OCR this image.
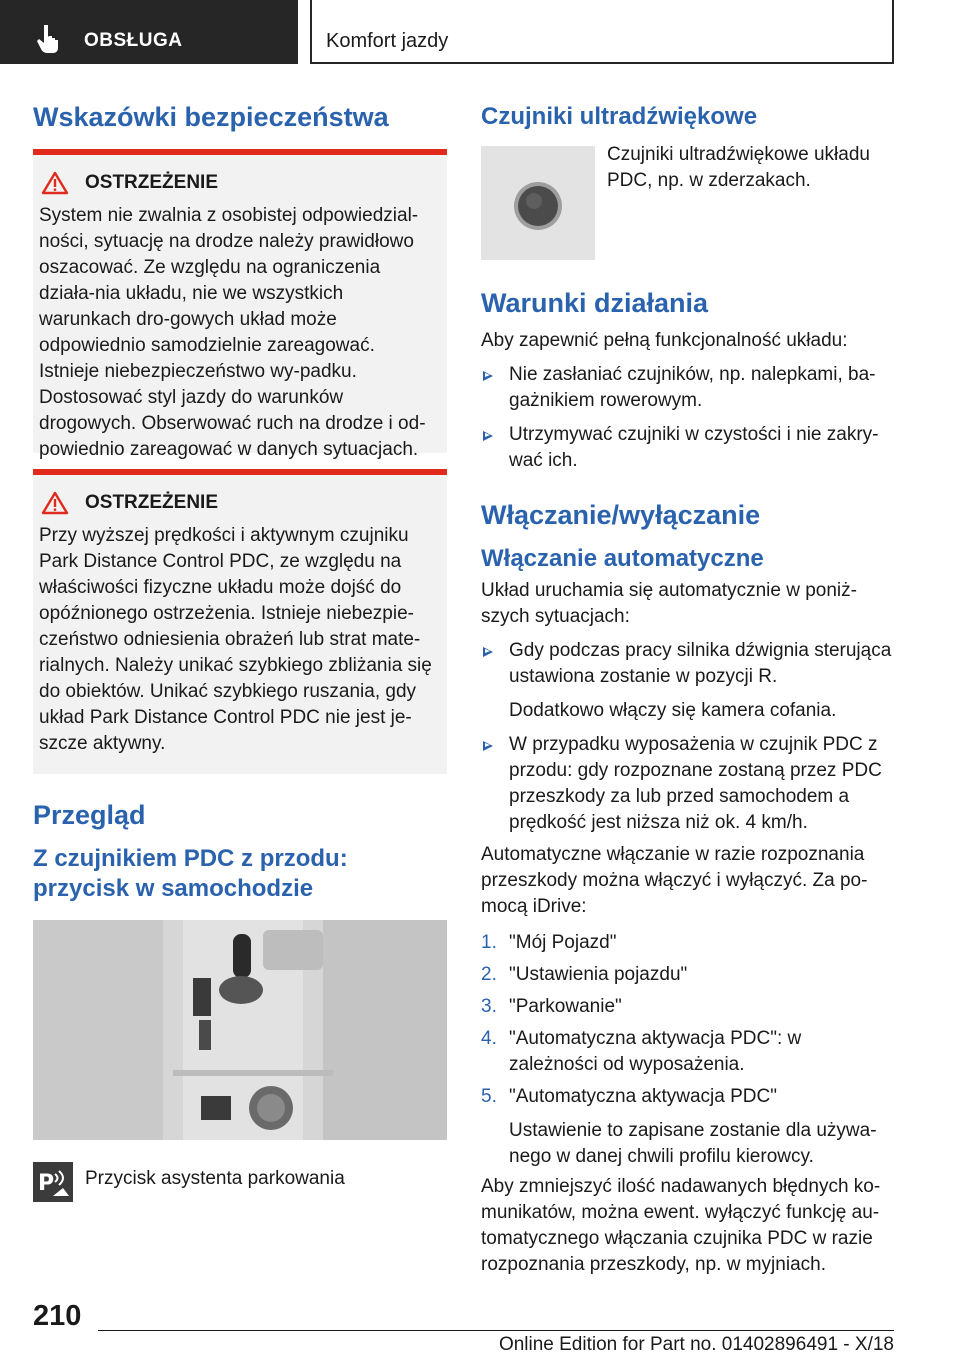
OBSŁUGA	Komfort jazdy
Wskazówki bezpieczeństwa
OSTRZEŻENIE

System nie zwalnia z osobistej odpowiedzial-ności, sytuację na drodze należy prawidłowo oszacować. Ze względu na ograniczenia działa-nia układu, nie we wszystkich warunkach dro-gowych układ może odpowiednio samodzielnie zareagować. Istnieje niebezpieczeństwo wy-padku. Dostosować styl jazdy do warunków drogowych. Obserwować ruch na drodze i od-powiednio zareagować w danych sytuacjach.

OSTRZEŻENIE

Przy wyższej prędkości i aktywnym czujniku Park Distance Control PDC, ze względu na właściwości fizyczne układu może dojść do opóźnionego ostrzeżenia. Istnieje niebezpie-czeństwo odniesienia obrażeń lub strat mate-rialnych. Należy unikać szybkiego zbliżania się do obiektów. Unikać szybkiego ruszania, gdy układ Park Distance Control PDC nie jest je-szcze aktywny.

Przegląd
Z czujnikiem PDC z przodu: przycisk w samochodzie
P Przycisk asystenta parkowania

Czujniki ultradźwiękowe

Czujniki ultradźwiękowe układu PDC, np. w zderzakach.

Warunki działania

Aby zapewnić pełną funkcjonalność układu:

Nie zasłaniać czujników, np. nalepkami, ba-gażnikiem rowerowym.
Utrzymywać czujniki w czystości i nie zakry-wać ich.
Włączanie/wyłączanie
Włączanie automatyczne

Układ uruchamia się automatycznie w poniż-szych sytuacjach:

Gdy podczas pracy silnika dźwignia sterująca ustawiona zostanie w pozycji R.
Dodatkowo włączy się kamera cofania.
W przypadku wyposażenia w czujnik PDC z przodu: gdy rozpoznane zostaną przez PDC przeszkody za lub przed samochodem a prędkość jest niższa niż ok. 4 km/h.

Automatyczne włączanie w razie rozpoznania przeszkody można włączyć i wyłączyć. Za po-mocą iDrive:

1. "Mój Pojazd"
2. "Ustawienia pojazdu"
3. "Parkowanie"
4. "Automatyczna aktywacja PDC": w zależności od wyposażenia.
5. "Automatyczna aktywacja PDC"
Ustawienie to zapisane zostanie dla używa-nego w danej chwili profilu kierowcy.

Aby zmniejszyć ilość nadawanych błędnych ko-munikatów, można ewent. wyłączyć funkcję au-tomatycznego włączania czujnika PDC w razie rozpoznania przeszkody, np. w myjniach.

210
Online Edition for Part no. 01402896491 - X/18
